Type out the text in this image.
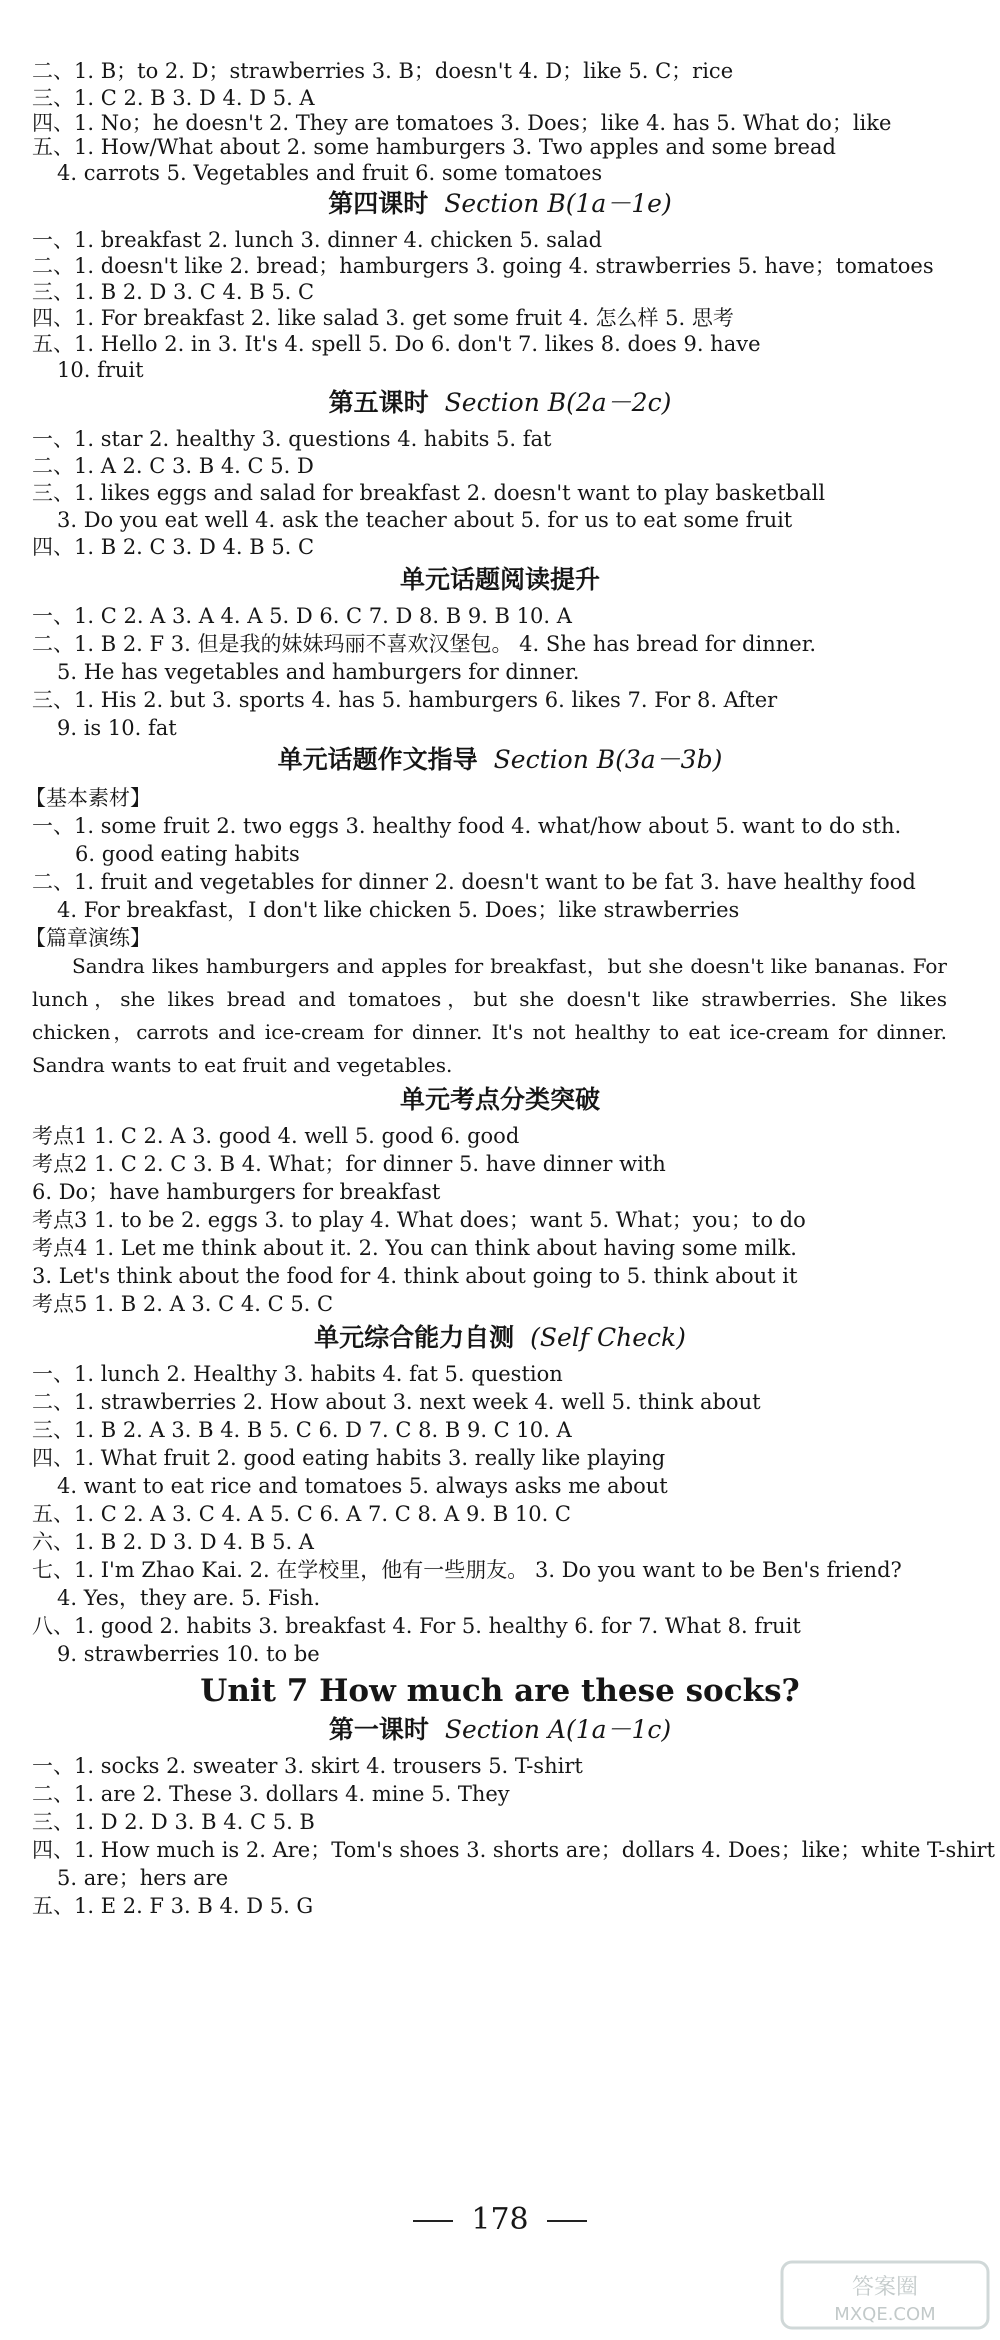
二、1. B；to 2. D；strawberries 3. B；doesn't 4. D；like 5. C；rice
三、1. C 2. B 3. D 4. D 5. A
四、1. No；he doesn't 2. They are tomatoes 3. Does；like 4. has 5. What do；like
五、1. How/What about 2. some hamburgers 3. Two apples and some bread
4. carrots 5. Vegetables and fruit 6. some tomatoes
第四课时 Section B(1a－1e)
一、1. breakfast 2. lunch 3. dinner 4. chicken 5. salad
二、1. doesn't like 2. bread；hamburgers 3. going 4. strawberries 5. have；tomatoes
三、1. B 2. D 3. C 4. B 5. C
四、1. For breakfast 2. like salad 3. get some fruit 4. 怎么样 5. 思考
五、1. Hello 2. in 3. It's 4. spell 5. Do 6. don't 7. likes 8. does 9. have
10. fruit
第五课时 Section B(2a－2c)
一、1. star 2. healthy 3. questions 4. habits 5. fat
二、1. A 2. C 3. B 4. C 5. D
三、1. likes eggs and salad for breakfast 2. doesn't want to play basketball
3. Do you eat well 4. ask the teacher about 5. for us to eat some fruit
四、1. B 2. C 3. D 4. B 5. C
单元话题阅读提升
一、1. C 2. A 3. A 4. A 5. D 6. C 7. D 8. B 9. B 10. A
二、1. B 2. F 3. 但是我的妹妹玛丽不喜欢汉堡包。 4. She has bread for dinner.
5. He has vegetables and hamburgers for dinner.
三、1. His 2. but 3. sports 4. has 5. hamburgers 6. likes 7. For 8. After
9. is 10. fat
单元话题作文指导 Section B(3a－3b)
【基本素材】
一、1. some fruit 2. two eggs 3. healthy food 4. what/how about 5. want to do sth.
6. good eating habits
二、1. fruit and vegetables for dinner 2. doesn't want to be fat 3. have healthy food
4. For breakfast，I don't like chicken 5. Does；like strawberries
【篇章演练】
Sandra likes hamburgers and apples for breakfast，but she doesn't like bananas. For lunch，she likes bread and tomatoes，but she doesn't like strawberries. She likes chicken，carrots and ice-cream for dinner. It's not healthy to eat ice-cream for dinner. Sandra wants to eat fruit and vegetables.
单元考点分类突破
考点1 1. C 2. A 3. good 4. well 5. good 6. good
考点2 1. C 2. C 3. B 4. What；for dinner 5. have dinner with
6. Do；have hamburgers for breakfast
考点3 1. to be 2. eggs 3. to play 4. What does；want 5. What；you；to do
考点4 1. Let me think about it. 2. You can think about having some milk.
3. Let's think about the food for 4. think about going to 5. think about it
考点5 1. B 2. A 3. C 4. C 5. C
单元综合能力自测 (Self Check)
一、1. lunch 2. Healthy 3. habits 4. fat 5. question
二、1. strawberries 2. How about 3. next week 4. well 5. think about
三、1. B 2. A 3. B 4. B 5. C 6. D 7. C 8. B 9. C 10. A
四、1. What fruit 2. good eating habits 3. really like playing
4. want to eat rice and tomatoes 5. always asks me about
五、1. C 2. A 3. C 4. A 5. C 6. A 7. C 8. A 9. B 10. C
六、1. B 2. D 3. D 4. B 5. A
七、1. I'm Zhao Kai. 2. 在学校里，他有一些朋友。 3. Do you want to be Ben's friend?
4. Yes，they are. 5. Fish.
八、1. good 2. habits 3. breakfast 4. For 5. healthy 6. for 7. What 8. fruit
9. strawberries 10. to be
Unit 7 How much are these socks?
第一课时 Section A(1a－1c)
一、1. socks 2. sweater 3. skirt 4. trousers 5. T-shirt
二、1. are 2. These 3. dollars 4. mine 5. They
三、1. D 2. D 3. B 4. C 5. B
四、1. How much is 2. Are；Tom's shoes 3. shorts are；dollars 4. Does；like；white T-shirt
5. are；hers are
五、1. E 2. F 3. B 4. D 5. G
178
答案圈
MXQE.COM
